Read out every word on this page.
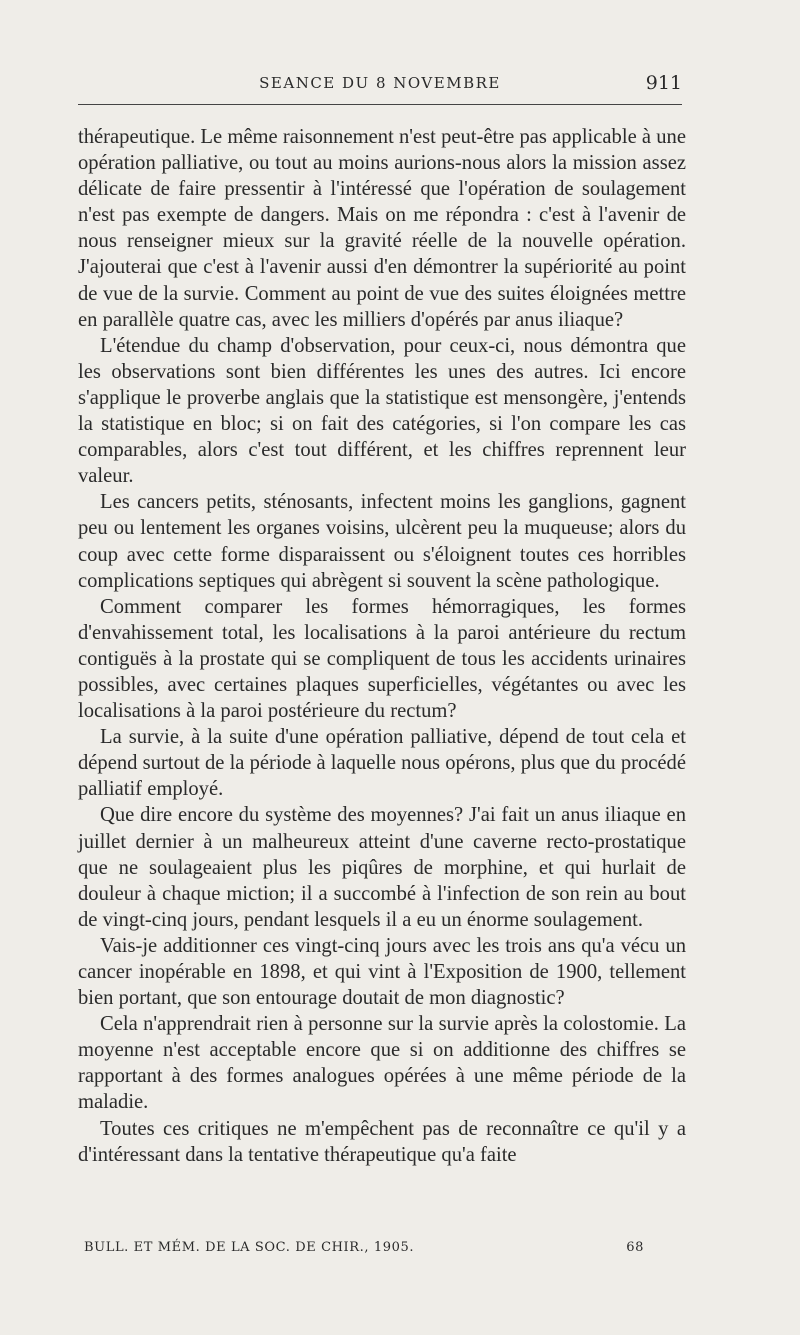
SEANCE DU 8 NOVEMBRE	911

thérapeutique. Le même raisonnement n'est peut-être pas applicable à une opération palliative, ou tout au moins aurions-nous alors la mission assez délicate de faire pressentir à l'intéressé que l'opération de soulagement n'est pas exempte de dangers. Mais on me répondra : c'est à l'avenir de nous renseigner mieux sur la gravité réelle de la nouvelle opération. J'ajouterai que c'est à l'avenir aussi d'en démontrer la supériorité au point de vue de la survie. Comment au point de vue des suites éloignées mettre en parallèle quatre cas, avec les milliers d'opérés par anus iliaque?

L'étendue du champ d'observation, pour ceux-ci, nous démontra que les observations sont bien différentes les unes des autres. Ici encore s'applique le proverbe anglais que la statistique est mensongère, j'entends la statistique en bloc; si on fait des catégories, si l'on compare les cas comparables, alors c'est tout différent, et les chiffres reprennent leur valeur.

Les cancers petits, sténosants, infectent moins les ganglions, gagnent peu ou lentement les organes voisins, ulcèrent peu la muqueuse; alors du coup avec cette forme disparaissent ou s'éloignent toutes ces horribles complications septiques qui abrègent si souvent la scène pathologique.

Comment comparer les formes hémorragiques, les formes d'envahissement total, les localisations à la paroi antérieure du rectum contiguës à la prostate qui se compliquent de tous les accidents urinaires possibles, avec certaines plaques superficielles, végétantes ou avec les localisations à la paroi postérieure du rectum?

La survie, à la suite d'une opération palliative, dépend de tout cela et dépend surtout de la période à laquelle nous opérons, plus que du procédé palliatif employé.

Que dire encore du système des moyennes? J'ai fait un anus iliaque en juillet dernier à un malheureux atteint d'une caverne recto-prostatique que ne soulageaient plus les piqûres de morphine, et qui hurlait de douleur à chaque miction; il a succombé à l'infection de son rein au bout de vingt-cinq jours, pendant lesquels il a eu un énorme soulagement.

Vais-je additionner ces vingt-cinq jours avec les trois ans qu'a vécu un cancer inopérable en 1898, et qui vint à l'Exposition de 1900, tellement bien portant, que son entourage doutait de mon diagnostic?

Cela n'apprendrait rien à personne sur la survie après la colostomie. La moyenne n'est acceptable encore que si on additionne des chiffres se rapportant à des formes analogues opérées à une même période de la maladie.

Toutes ces critiques ne m'empêchent pas de reconnaître ce qu'il y a d'intéressant dans la tentative thérapeutique qu'a faite

BULL. ET MÉM. DE LA SOC. DE CHIR., 1905.	68
